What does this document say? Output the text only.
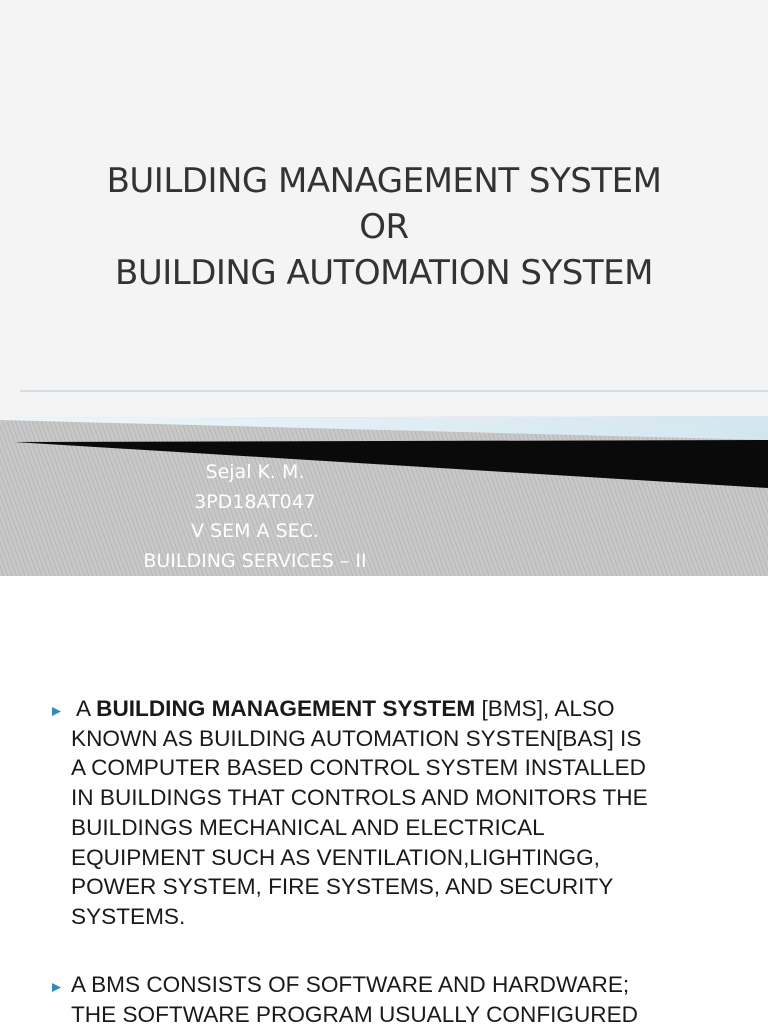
BUILDING MANAGEMENT SYSTEM
OR
BUILDING AUTOMATION SYSTEM
Sejal K. M.
3PD18AT047
V SEM A SEC.
BUILDING SERVICES – II
A BUILDING MANAGEMENT SYSTEM [BMS], ALSO
KNOWN AS BUILDING AUTOMATION SYSTEN[BAS] IS
A COMPUTER BASED CONTROL SYSTEM INSTALLED
IN BUILDINGS THAT CONTROLS AND MONITORS THE
BUILDINGS MECHANICAL AND ELECTRICAL
EQUIPMENT SUCH AS VENTILATION,LIGHTINGG,
POWER SYSTEM, FIRE SYSTEMS, AND SECURITY
SYSTEMS.
A BMS CONSISTS OF SOFTWARE AND HARDWARE;
THE SOFTWARE PROGRAM USUALLY CONFIGURED
